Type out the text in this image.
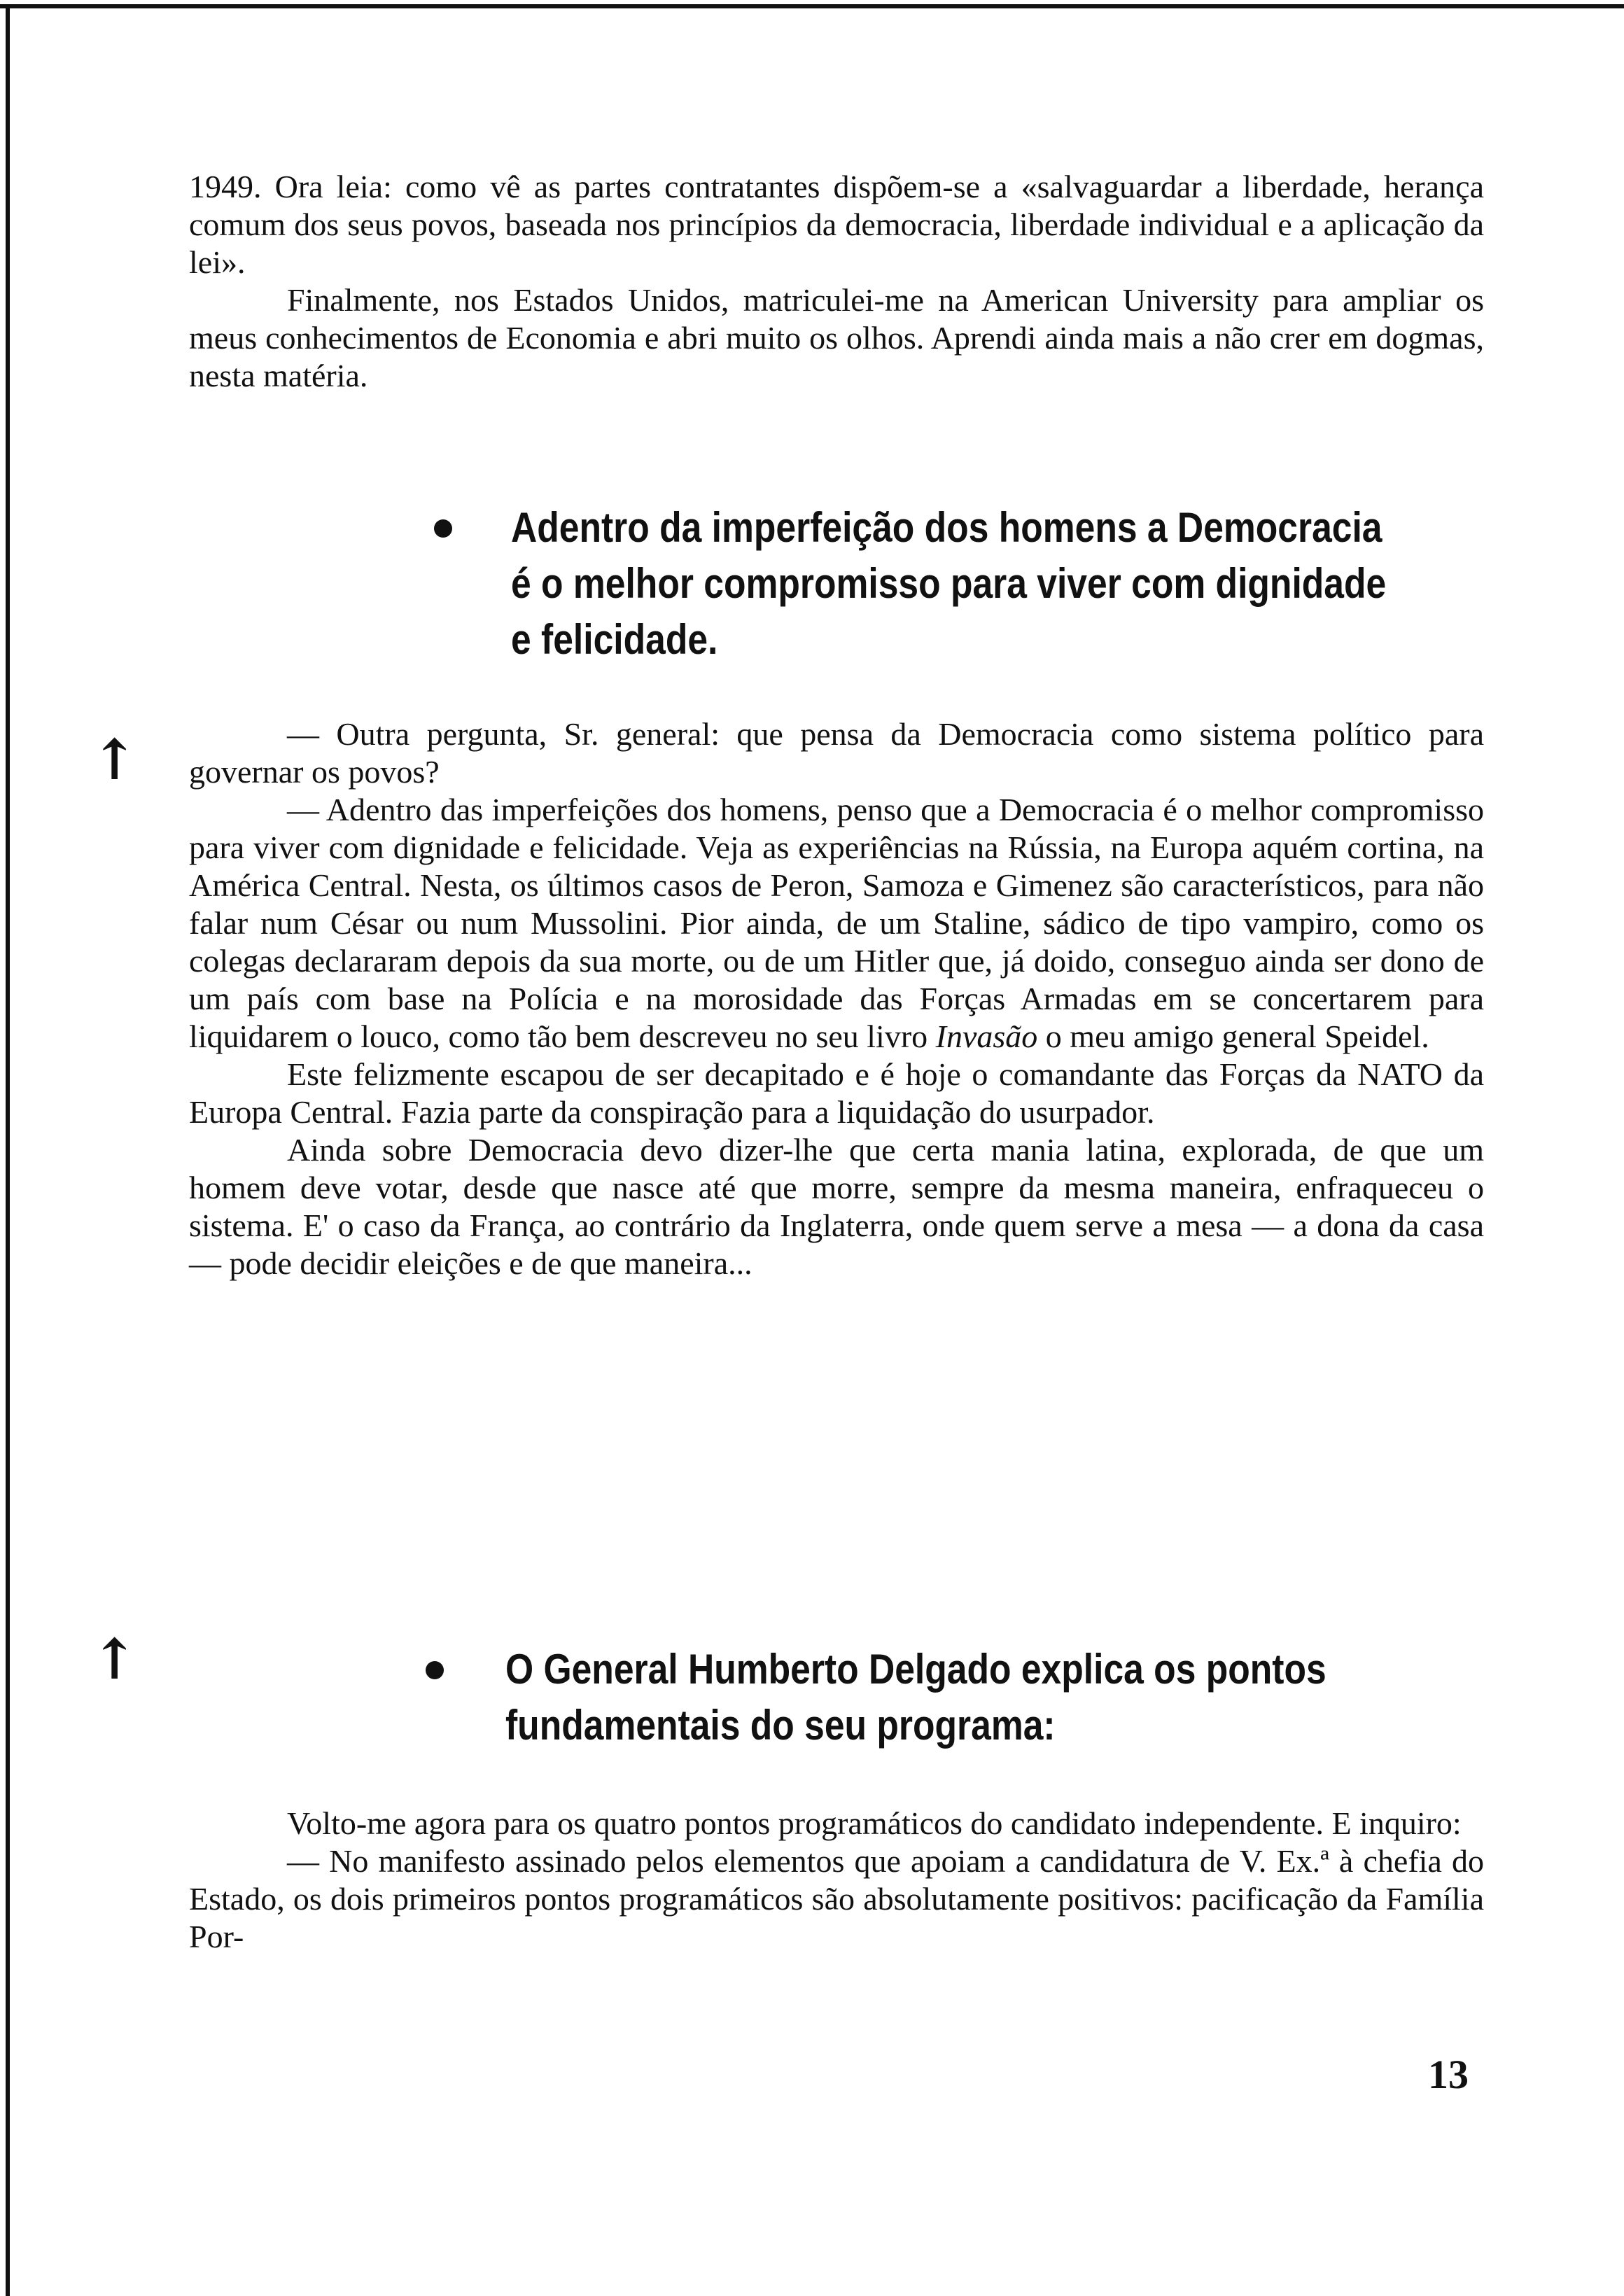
1949. Ora leia: como vê as partes contratantes dispõem-se a «salvaguardar a liberdade, herança comum dos seus povos, baseada nos princípios da democracia, liberdade individual e a aplicação da lei».

Finalmente, nos Estados Unidos, matriculei-me na American University para ampliar os meus conhecimentos de Economia e abri muito os olhos. Aprendi ainda mais a não crer em dogmas, nesta matéria.

Adentro da imperfeição dos homens a Democracia
é o melhor compromisso para viver com dignidade
e felicidade.
↑	— Outra pergunta, Sr. general: que pensa da Democracia como sistema político para governar os povos?

— Adentro das imperfeições dos homens, penso que a Democracia é o melhor compromisso para viver com dignidade e felicidade. Veja as experiências na Rússia, na Europa aquém cortina, na América Central. Nesta, os últimos casos de Peron, Samoza e Gimenez são característicos, para não falar num César ou num Mussolini. Pior ainda, de um Staline, sádico de tipo vampiro, como os colegas declararam depois da sua morte, ou de um Hitler que, já doido, conseguo ainda ser dono de um país com base na Polícia e na morosidade das Forças Armadas em se concertarem para liquidarem o louco, como tão bem descreveu no seu livro Invasão o meu amigo general Speidel.

Este felizmente escapou de ser decapitado e é hoje o comandante das Forças da NATO da Europa Central. Fazia parte da conspiração para a liquidação do usurpador.

Ainda sobre Democracia devo dizer-lhe que certa mania latina, explorada, de que um homem deve votar, desde que nasce até que morre, sempre da mesma maneira, enfraqueceu o sistema. E' o caso da França, ao contrário da Inglaterra, onde quem serve a mesa — a dona da casa — pode decidir eleições e de que maneira...

↑	O General Humberto Delgado explica os pontos
fundamentais do seu programa:

Volto-me agora para os quatro pontos programáticos do candidato independente. E inquiro:

— No manifesto assinado pelos elementos que apoiam a candidatura de V. Ex.ª à chefia do Estado, os dois primeiros pontos programáticos são absolutamente positivos: pacificação da Família Por-

13
